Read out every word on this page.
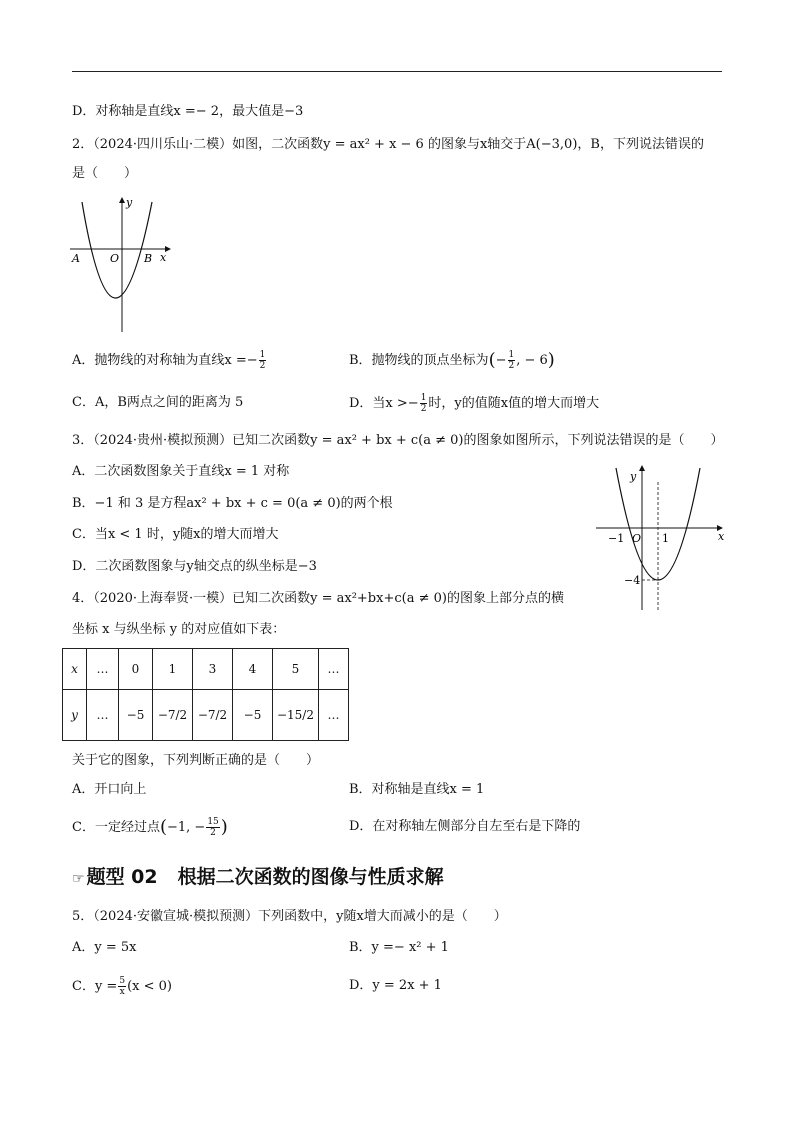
D．对称轴是直线x =− 2，最大值是−3
2．（2024·四川乐山·二模）如图，二次函数y = ax² + x − 6 的图象与x轴交于A(−3,0)，B，下列说法错误的
是（　　）
y
x
A	O B
A．抛物线的对称轴为直线$x =- \frac{1}{2}$	B．抛物线的顶点坐标为(− $\frac{1}{2}$ , − 6)
C．A，B两点之间的距离为 5	D．当$x >- \frac{1}{2}$ 时，y的值随x值的增大而增大
3．（2024·贵州·模拟预测）已知二次函数y = ax² + bx + c(a ≠ 0)的图象如图所示，下列说法错误的是（　　）
A．二次函数图象关于直线x = 1 对称
B．−1 和 3 是方程ax² + bx + c = 0(a ≠ 0)的两个根
C．当x < 1 时，y随x的增大而增大
D．二次函数图象与y轴交点的纵坐标是−3
y
x
−1 O 1
−4
4．（2020·上海奉贤·一模）已知二次函数y = ax²+bx+c(a ≠ 0)的图象上部分点的横
坐标 x 与纵坐标 y 的对应值如下表：
x	…	0	1	3	4	5	…
y	…	−5	−7/2	−7/2	−5	−15/2	…
关于它的图象，下列判断正确的是（　　）
A．开口向上	B．对称轴是直线x = 1
C．一定经过点(−1, − $\frac{15}{2}$ )	D．在对称轴左侧部分自左至右是下降的
☞ 题型 02 根据二次函数的图像与性质求解
5．（2024·安徽宣城·模拟预测）下列函数中，y随x增大而减小的是（　　）
A．y = 5x	B．y =− x² + 1
C．$y = \frac{5}{x} (x < 0)$	D．y = 2x + 1
